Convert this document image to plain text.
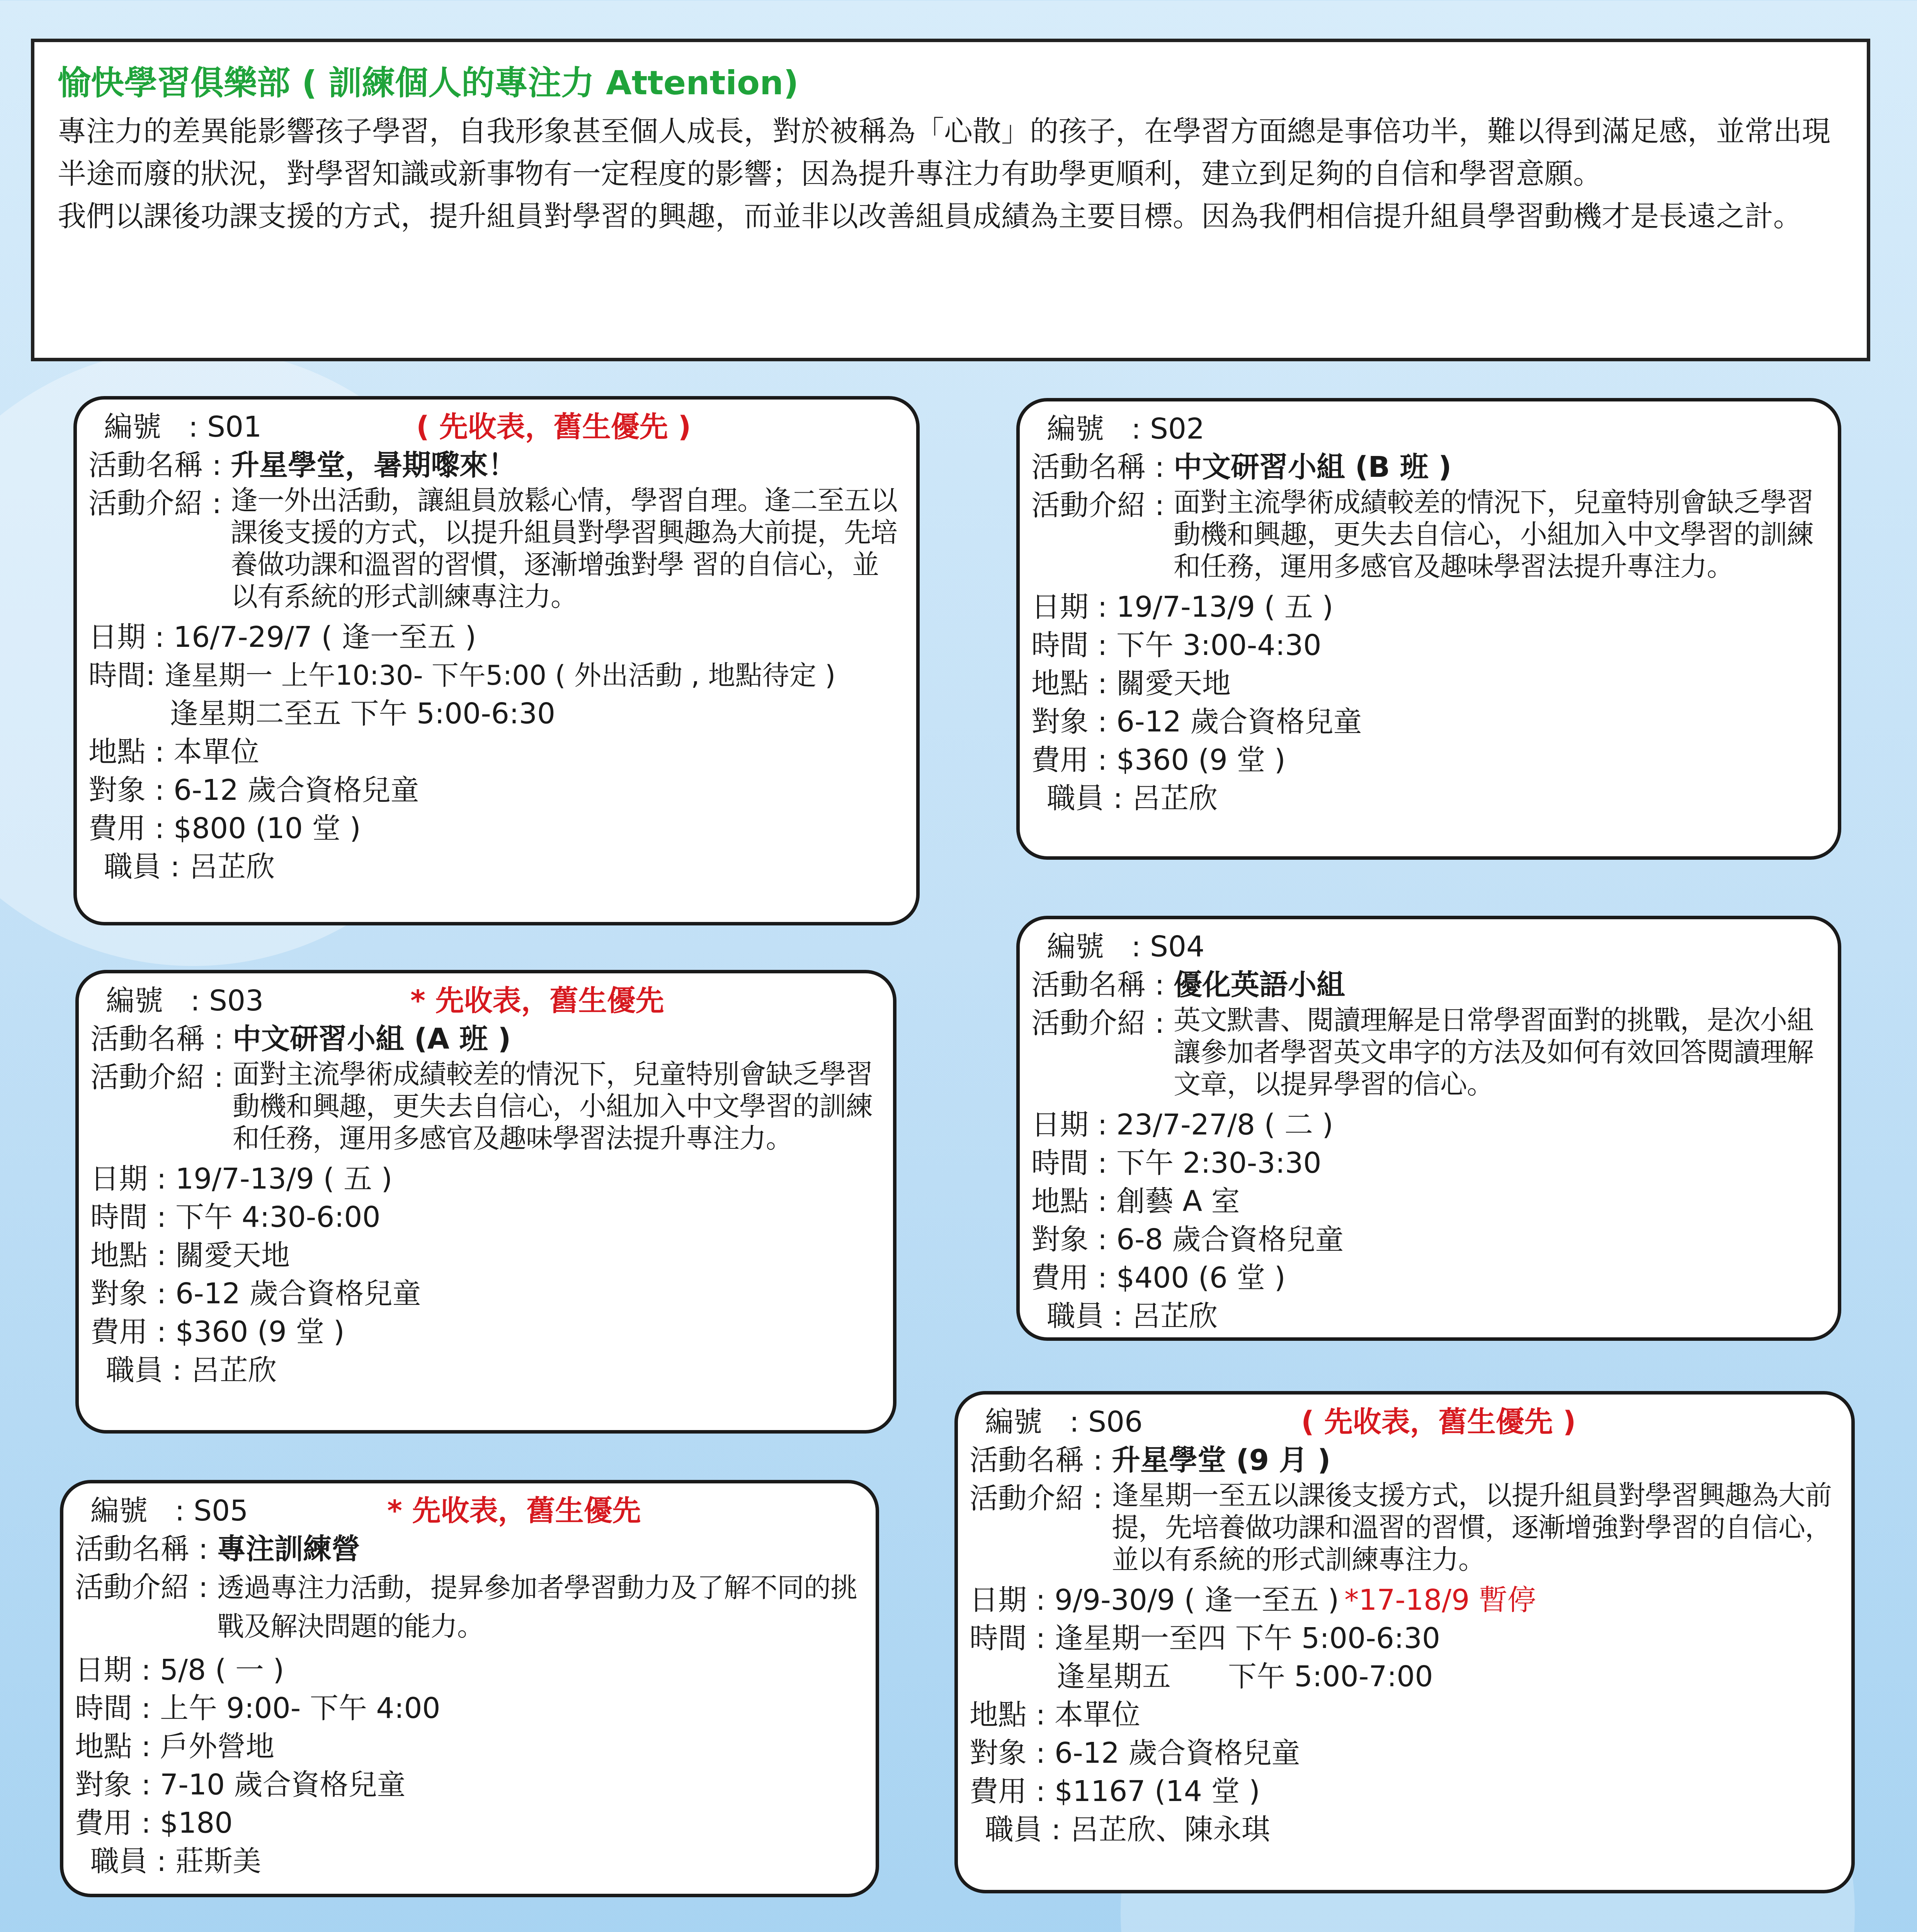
愉快學習俱樂部 ( 訓練個人的專注力 Attention)

專注力的差異能影響孩子學習，自我形象甚至個人成長，對於被稱為「心散」的孩子，在學習方面總是事倍功半，難以得到滿足感，並常出現半途而廢的狀況，對學習知識或新事物有一定程度的影響；因為提升專注力有助學更順利，建立到足夠的自信和學習意願。

我們以課後功課支援的方式，提升組員對學習的興趣，而並非以改善組員成績為主要目標。因為我們相信提升組員學習動機才是長遠之計。

編號 : S01	( 先收表，舊生優先 )
活動名稱 : 升星學堂，暑期嚟來！
活動介紹 : 逢一外出活動，讓組員放鬆心情，學習自理。逢二至五以課後支援的方式，以提升組員對學習興趣為大前提，先培養做功課和溫習的習慣，逐漸增強對學 習的自信心，並以有系統的形式訓練專注力。
日期 : 16/7-29/7 ( 逢一至五 )
時間 : 逢星期一 上午10:30- 下午5:00 ( 外出活動 , 地點待定 )
逢星期二至五 下午 5:00-6:30
地點 : 本單位
對象 : 6-12 歲合資格兒童
費用 : $800 (10 堂 )
職員 : 呂芷欣
編號 : S02
活動名稱 : 中文研習小組 (B 班 )
活動介紹 : 面對主流學術成績較差的情況下，兒童特別會缺乏學習動機和興趣，更失去自信心，小組加入中文學習的訓練和任務，運用多感官及趣味學習法提升專注力。
日期 : 19/7-13/9 ( 五 )
時間 : 下午 3:00-4:30
地點 : 關愛天地
對象 : 6-12 歲合資格兒童
費用 : $360 (9 堂 )
職員 : 呂芷欣
編號 : S03	* 先收表，舊生優先
活動名稱 : 中文研習小組 (A 班 )
活動介紹 : 面對主流學術成績較差的情況下，兒童特別會缺乏學習動機和興趣，更失去自信心，小組加入中文學習的訓練和任務，運用多感官及趣味學習法提升專注力。
日期 : 19/7-13/9 ( 五 )
時間 : 下午 4:30-6:00
地點 : 關愛天地
對象 : 6-12 歲合資格兒童
費用 : $360 (9 堂 )
職員 : 呂芷欣
編號 : S04
活動名稱 : 優化英語小組
活動介紹 : 英文默書、閱讀理解是日常學習面對的挑戰，是次小組讓參加者學習英文串字的方法及如何有效回答閱讀理解文章，以提昇學習的信心。
日期 : 23/7-27/8 ( 二 )
時間 : 下午 2:30-3:30
地點 : 創藝 A 室
對象 : 6-8 歲合資格兒童
費用 : $400 (6 堂 )
職員 : 呂芷欣
編號 : S05	* 先收表，舊生優先
活動名稱 : 專注訓練營
活動介紹 : 透過專注力活動，提昇參加者學習動力及了解不同的挑戰及解決問題的能力。
日期 : 5/8 ( 一 )
時間 : 上午 9:00- 下午 4:00
地點 : 戶外營地
對象 : 7-10 歲合資格兒童
費用 : $180
職員 : 莊斯美
編號 : S06	( 先收表，舊生優先 )
活動名稱 : 升星學堂 (9 月 )
活動介紹 : 逢星期一至五以課後支援方式，以提升組員對學習興趣為大前提，先培養做功課和溫習的習慣，逐漸增強對學習的自信心，並以有系統的形式訓練專注力。
日期 : 9/9-30/9 ( 逢一至五 ) *17-18/9 暫停
時間 : 逢星期一至四 下午 5:00-6:30
逢星期五　　下午 5:00-7:00
地點 : 本單位
對象 : 6-12 歲合資格兒童
費用 : $1167 (14 堂 )
職員 : 呂芷欣、陳永琪
